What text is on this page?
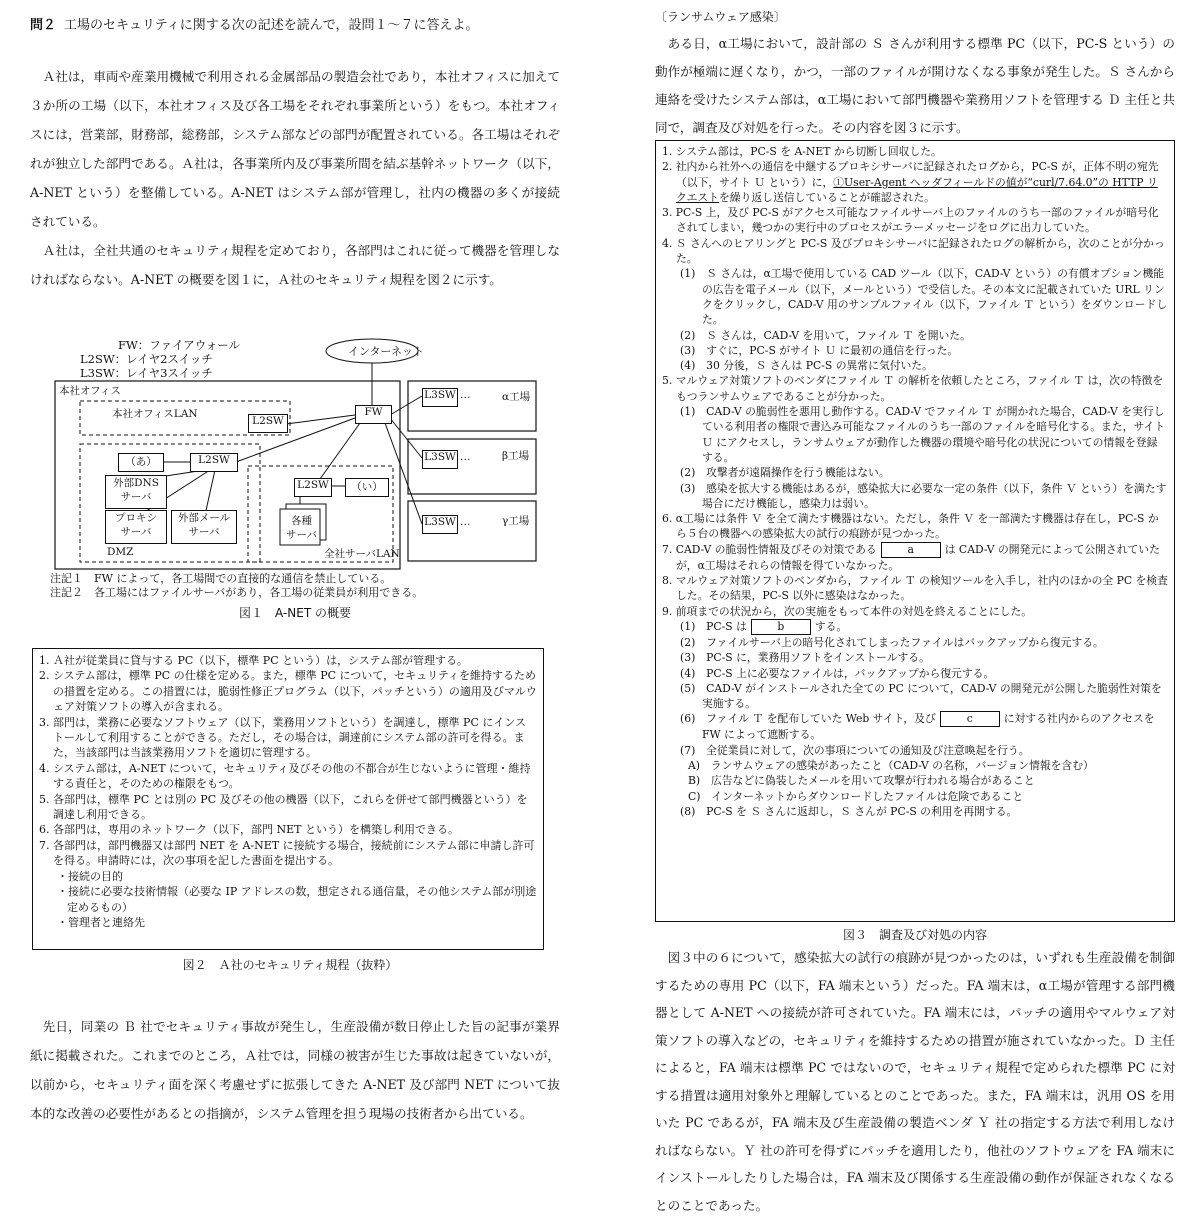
問２ 工場のセキュリティに関する次の記述を読んで，設問１〜７に答えよ。

Ａ社は，車両や産業用機械で利用される金属部品の製造会社であり，本社オフィスに加えて３か所の工場（以下，本社オフィス及び各工場をそれぞれ事業所という）をもつ。本社オフィスには，営業部，財務部，総務部，システム部などの部門が配置されている。各工場はそれぞれが独立した部門である。Ａ社は，各事業所内及び事業所間を結ぶ基幹ネットワーク（以下，A-NET という）を整備している。A-NET はシステム部が管理し，社内の機器の多くが接続されている。

Ａ社は，全社共通のセキュリティ規程を定めており，各部門はこれに従って機器を管理しなければならない。A-NET の概要を図１に，Ａ社のセキュリティ規程を図２に示す。

FW：ファイアウォール
L2SW：レイヤ2スイッチ
L3SW：レイヤ3スイッチ
インターネット
本社オフィス
本社オフィスLAN
L2SW
FW
（あ）	L2SW
外部DNS
サーバ
プロキシ
サーバ
外部メール
サーバ
DMZ
L2SW	（い）
各種
サーバ
全社サーバLAN
L3SW …	α工場
L3SW …	β工場
L3SW …	γ工場
注記１　FW によって，各工場間での直接的な通信を禁止している。
注記２　各工場にはファイルサーバがあり，各工場の従業員が利用できる。
図１　A-NET の概要
1. Ａ社が従業員に貸与する PC（以下，標準 PC という）は，システム部が管理する。
2. システム部は，標準 PC の仕様を定める。また，標準 PC について，セキュリティを維持するための措置を定める。この措置には，脆弱性修正プログラム（以下，パッチという）の適用及びマルウェア対策ソフトの導入が含まれる。
3. 部門は，業務に必要なソフトウェア（以下，業務用ソフトという）を調達し，標準 PC にインストールして利用することができる。ただし，その場合は，調達前にシステム部の許可を得る。また，当該部門は当該業務用ソフトを適切に管理する。
4. システム部は，A-NET について，セキュリティ及びその他の不都合が生じないように管理・維持する責任と，そのための権限をもつ。
5. 各部門は，標準 PC とは別の PC 及びその他の機器（以下，これらを併せて部門機器という）を調達し利用できる。
6. 各部門は，専用のネットワーク（以下，部門 NET という）を構築し利用できる。
7. 各部門は，部門機器又は部門 NET を A-NET に接続する場合，接続前にシステム部に申請し許可を得る。申請時には，次の事項を記した書面を提出する。
・接続の目的
・接続に必要な技術情報（必要な IP アドレスの数，想定される通信量，その他システム部が別途定めるもの）
・管理者と連絡先
図２　Ａ社のセキュリティ規程（抜粋）

先日，同業の Ｂ 社でセキュリティ事故が発生し，生産設備が数日停止した旨の記事が業界紙に掲載された。これまでのところ，Ａ社では，同様の被害が生じた事故は起きていないが，以前から，セキュリティ面を深く考慮せずに拡張してきた A-NET 及び部門 NET について抜本的な改善の必要性があるとの指摘が，システム管理を担う現場の技術者から出ている。

〔ランサムウェア感染〕

ある日，α工場において，設計部の Ｓ さんが利用する標準 PC（以下，PC-S という）の動作が極端に遅くなり，かつ，一部のファイルが開けなくなる事象が発生した。Ｓ さんから連絡を受けたシステム部は，α工場において部門機器や業務用ソフトを管理する Ｄ 主任と共同で，調査及び対処を行った。その内容を図３に示す。

1. システム部は，PC-S を A-NET から切断し回収した。
2. 社内から社外への通信を中継するプロキシサーバに記録されたログから，PC-S が，正体不明の宛先（以下，サイト Ｕ という）に，①User-Agent ヘッダフィールドの値が“curl/7.64.0”の HTTP リクエストを繰り返し送信していることが確認された。
3. PC-S 上，及び PC-S がアクセス可能なファイルサーバ上のファイルのうち一部のファイルが暗号化されてしまい，幾つかの実行中のプロセスがエラーメッセージをログに出力していた。
4. Ｓ さんへのヒアリングと PC-S 及びプロキシサーバに記録されたログの解析から，次のことが分かった。
(1)　Ｓ さんは，α工場で使用している CAD ツール（以下，CAD-V という）の有償オプション機能の広告を電子メール（以下，メールという）で受信した。その本文に記載されていた URL リンクをクリックし，CAD-V 用のサンプルファイル（以下，ファイル Ｔ という）をダウンロードした。
(2)　Ｓ さんは，CAD-V を用いて，ファイル Ｔ を開いた。
(3)　すぐに，PC-S がサイト Ｕ に最初の通信を行った。
(4)　30 分後，Ｓ さんは PC-S の異常に気付いた。
5. マルウェア対策ソフトのベンダにファイル Ｔ の解析を依頼したところ，ファイル Ｔ は，次の特徴をもつランサムウェアであることが分かった。
(1)　CAD-V の脆弱性を悪用し動作する。CAD-V でファイル Ｔ が開かれた場合，CAD-V を実行している利用者の権限で書込み可能なファイルのうち一部のファイルを暗号化する。また，サイト Ｕ にアクセスし，ランサムウェアが動作した機器の環境や暗号化の状況についての情報を登録する。
(2)　攻撃者が遠隔操作を行う機能はない。
(3)　感染を拡大する機能はあるが，感染拡大に必要な一定の条件（以下，条件 Ｖ という）を満たす場合にだけ機能し，感染力は弱い。
6. α工場には条件 Ｖ を全て満たす機器はない。ただし，条件 Ｖ を一部満たす機器は存在し，PC-S から５台の機器への感染拡大の試行の痕跡が見つかった。
7. CAD-V の脆弱性情報及びその対策である	a	は CAD-V の開発元によって公開されていたが，α工場はそれらの情報を得ていなかった。
8. マルウェア対策ソフトのベンダから，ファイル Ｔ の検知ツールを入手し，社内のほかの全 PC を検査した。その結果，PC-S 以外に感染はなかった。
9. 前項までの状況から，次の実施をもって本件の対処を終えることにした。
(1)　PC-S は	b	する。
(2)　ファイルサーバ上の暗号化されてしまったファイルはバックアップから復元する。
(3)　PC-S に，業務用ソフトをインストールする。
(4)　PC-S 上に必要なファイルは，バックアップから復元する。
(5)　CAD-V がインストールされた全ての PC について，CAD-V の開発元が公開した脆弱性対策を実施する。
(6)　ファイル Ｔ を配布していた Web サイト，及び	c	に対する社内からのアクセスを FW によって遮断する。
(7)　全従業員に対して，次の事項についての通知及び注意喚起を行う。
A)　ランサムウェアの感染があったこと（CAD-V の名称，バージョン情報を含む）
B)　広告などに偽装したメールを用いて攻撃が行われる場合があること
C)　インターネットからダウンロードしたファイルは危険であること
(8)　PC-S を Ｓ さんに返却し，Ｓ さんが PC-S の利用を再開する。
図３　調査及び対処の内容

図３中の６について，感染拡大の試行の痕跡が見つかったのは，いずれも生産設備を制御するための専用 PC（以下，FA 端末という）だった。FA 端末は，α工場が管理する部門機器として A-NET への接続が許可されていた。FA 端末には，パッチの適用やマルウェア対策ソフトの導入などの，セキュリティを維持するための措置が施されていなかった。Ｄ 主任によると，FA 端末は標準 PC ではないので，セキュリティ規程で定められた標準 PC に対する措置は適用対象外と理解しているとのことであった。また，FA 端末は，汎用 OS を用いた PC であるが，FA 端末及び生産設備の製造ベンダ Ｙ 社の指定する方法で利用しなければならない。Ｙ 社の許可を得ずにパッチを適用したり，他社のソフトウェアを FA 端末にインストールしたりした場合は，FA 端末及び関係する生産設備の動作が保証されなくなるとのことであった。
